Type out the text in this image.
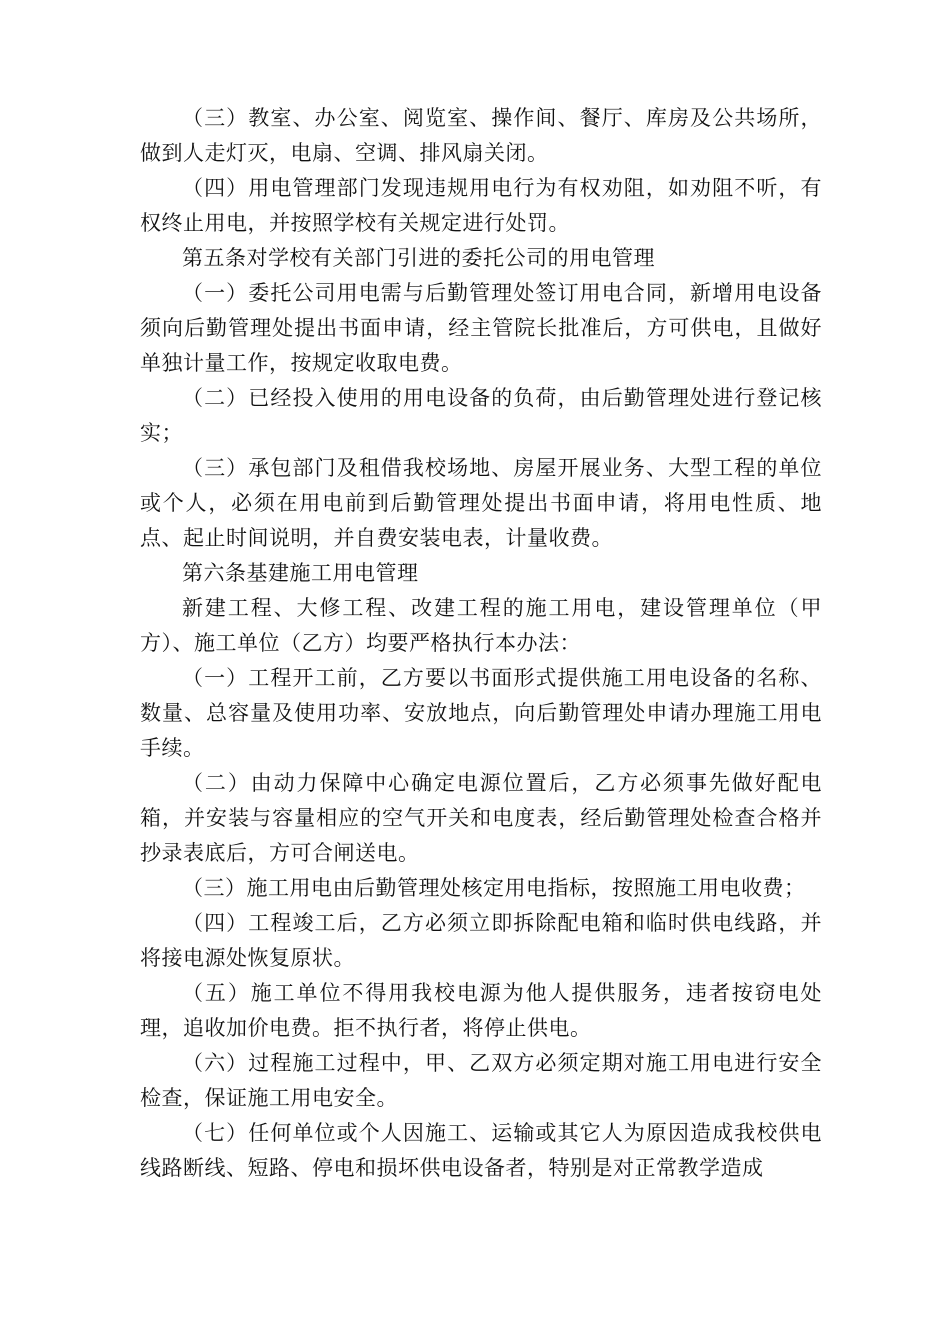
（三）教室、办公室、阅览室、操作间、餐厅、库房及公共场所，做到人走灯灭，电扇、空调、排风扇关闭。

（四）用电管理部门发现违规用电行为有权劝阻，如劝阻不听，有权终止用电，并按照学校有关规定进行处罚。

第五条对学校有关部门引进的委托公司的用电管理

（一）委托公司用电需与后勤管理处签订用电合同，新增用电设备须向后勤管理处提出书面申请，经主管院长批准后，方可供电，且做好单独计量工作，按规定收取电费。

（二）已经投入使用的用电设备的负荷，由后勤管理处进行登记核实；

（三）承包部门及租借我校场地、房屋开展业务、大型工程的单位或个人，必须在用电前到后勤管理处提出书面申请，将用电性质、地点、起止时间说明，并自费安装电表，计量收费。

第六条基建施工用电管理

新建工程、大修工程、改建工程的施工用电，建设管理单位（甲方）、施工单位（乙方）均要严格执行本办法：

（一）工程开工前，乙方要以书面形式提供施工用电设备的名称、数量、总容量及使用功率、安放地点，向后勤管理处申请办理施工用电手续。

（二）由动力保障中心确定电源位置后，乙方必须事先做好配电箱，并安装与容量相应的空气开关和电度表，经后勤管理处检查合格并抄录表底后，方可合闸送电。

（三）施工用电由后勤管理处核定用电指标，按照施工用电收费；

（四）工程竣工后，乙方必须立即拆除配电箱和临时供电线路，并将接电源处恢复原状。

（五）施工单位不得用我校电源为他人提供服务，违者按窃电处理，追收加价电费。拒不执行者，将停止供电。

（六）过程施工过程中，甲、乙双方必须定期对施工用电进行安全检查，保证施工用电安全。

（七）任何单位或个人因施工、运输或其它人为原因造成我校供电线路断线、短路、停电和损坏供电设备者，特别是对正常教学造成
